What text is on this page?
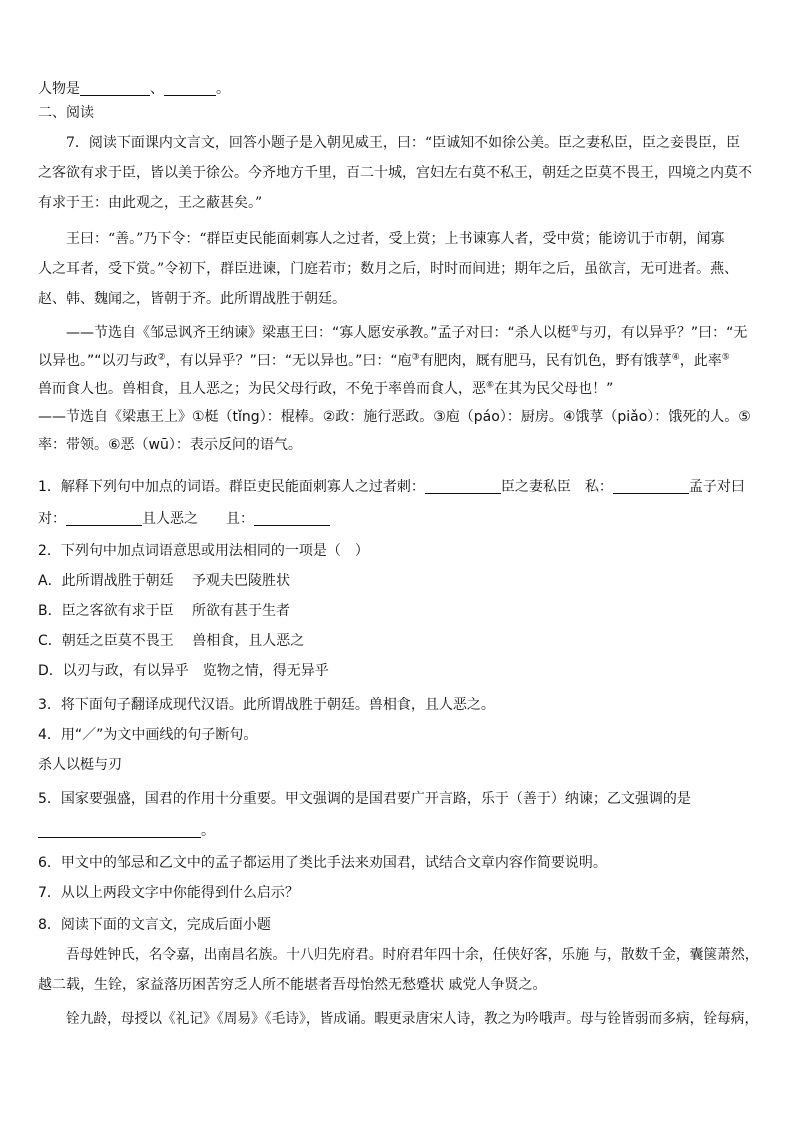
人物是	、	。
二、阅读
7．阅读下面课内文言文，回答小题子是入朝见威王，曰：“臣诚知不如徐公美。臣之妻私臣，臣之妾畏臣，臣
之客欲有求于臣，皆以美于徐公。今齐地方千里，百二十城，宫妇左右莫不私王，朝廷之臣莫不畏王，四境之内莫不
有求于王：由此观之，王之蔽甚矣。”
王曰：“善。”乃下令：“群臣吏民能面刺寡人之过者，受上赏；上书谏寡人者，受中赏；能谤讥于市朝，闻寡
人之耳者，受下赏。”令初下，群臣进谏，门庭若市；数月之后，时时而间进；期年之后，虽欲言，无可进者。燕、
赵、韩、魏闻之，皆朝于齐。此所谓战胜于朝廷。
——节选自《邹忌讽齐王纳谏》梁惠王曰：“寡人愿安承教。”孟子对曰：“杀人以梃①与刃，有以异乎？”曰：“无
以异也。”“以刃与政②，有以异乎？”曰：“无以异也。”曰：“庖③有肥肉，厩有肥马，民有饥色，野有饿莩④，此率⑤
兽而食人也。兽相食，且人恶之；为民父母行政，不免于率兽而食人，恶⑥在其为民父母也！”
——节选自《梁惠王上》①梃（tǐng）：棍棒。②政：施行恶政。③庖（páo）：厨房。④饿莩（piǎo）：饿死的人。⑤
率：带领。⑥恶（wū）：表示反问的语气。
1．解释下列句中加点的词语。群臣吏民能面刺寡人之过者刺：	臣之妻私臣　私：	孟子对曰
对：	且人恶之　　且：
2．下列句中加点词语意思或用法相同的一项是（　）
A．此所谓战胜于朝廷　 予观夫巴陵胜状
B．臣之客欲有求于臣　 所欲有甚于生者
C．朝廷之臣莫不畏王　 兽相食，且人恶之
D．以刃与政，有以异乎　览物之情，得无异乎
3．将下面句子翻译成现代汉语。此所谓战胜于朝廷。兽相食，且人恶之。
4．用“／”为文中画线的句子断句。
杀人以梃与刃
5．国家要强盛，国君的作用十分重要。甲文强调的是国君要广开言路，乐于（善于）纳谏；乙文强调的是
。
6．甲文中的邹忌和乙文中的孟子都运用了类比手法来劝国君，试结合文章内容作简要说明。
7．从以上两段文字中你能得到什么启示？
8．阅读下面的文言文，完成后面小题
吾母姓钟氏，名令嘉，出南昌名族。十八归先府君。时府君年四十余，任侠好客，乐施 与，散数千金，囊箧萧然，
越二载，生铨，家益落历困苦穷乏人所不能堪者吾母怡然无愁蹙状 戚党人争贤之。
铨九龄，母授以《礼记》《周易》《毛诗》，皆成诵。暇更录唐宋人诗，教之为吟哦声。母与铨皆弱而多病，铨每病，
